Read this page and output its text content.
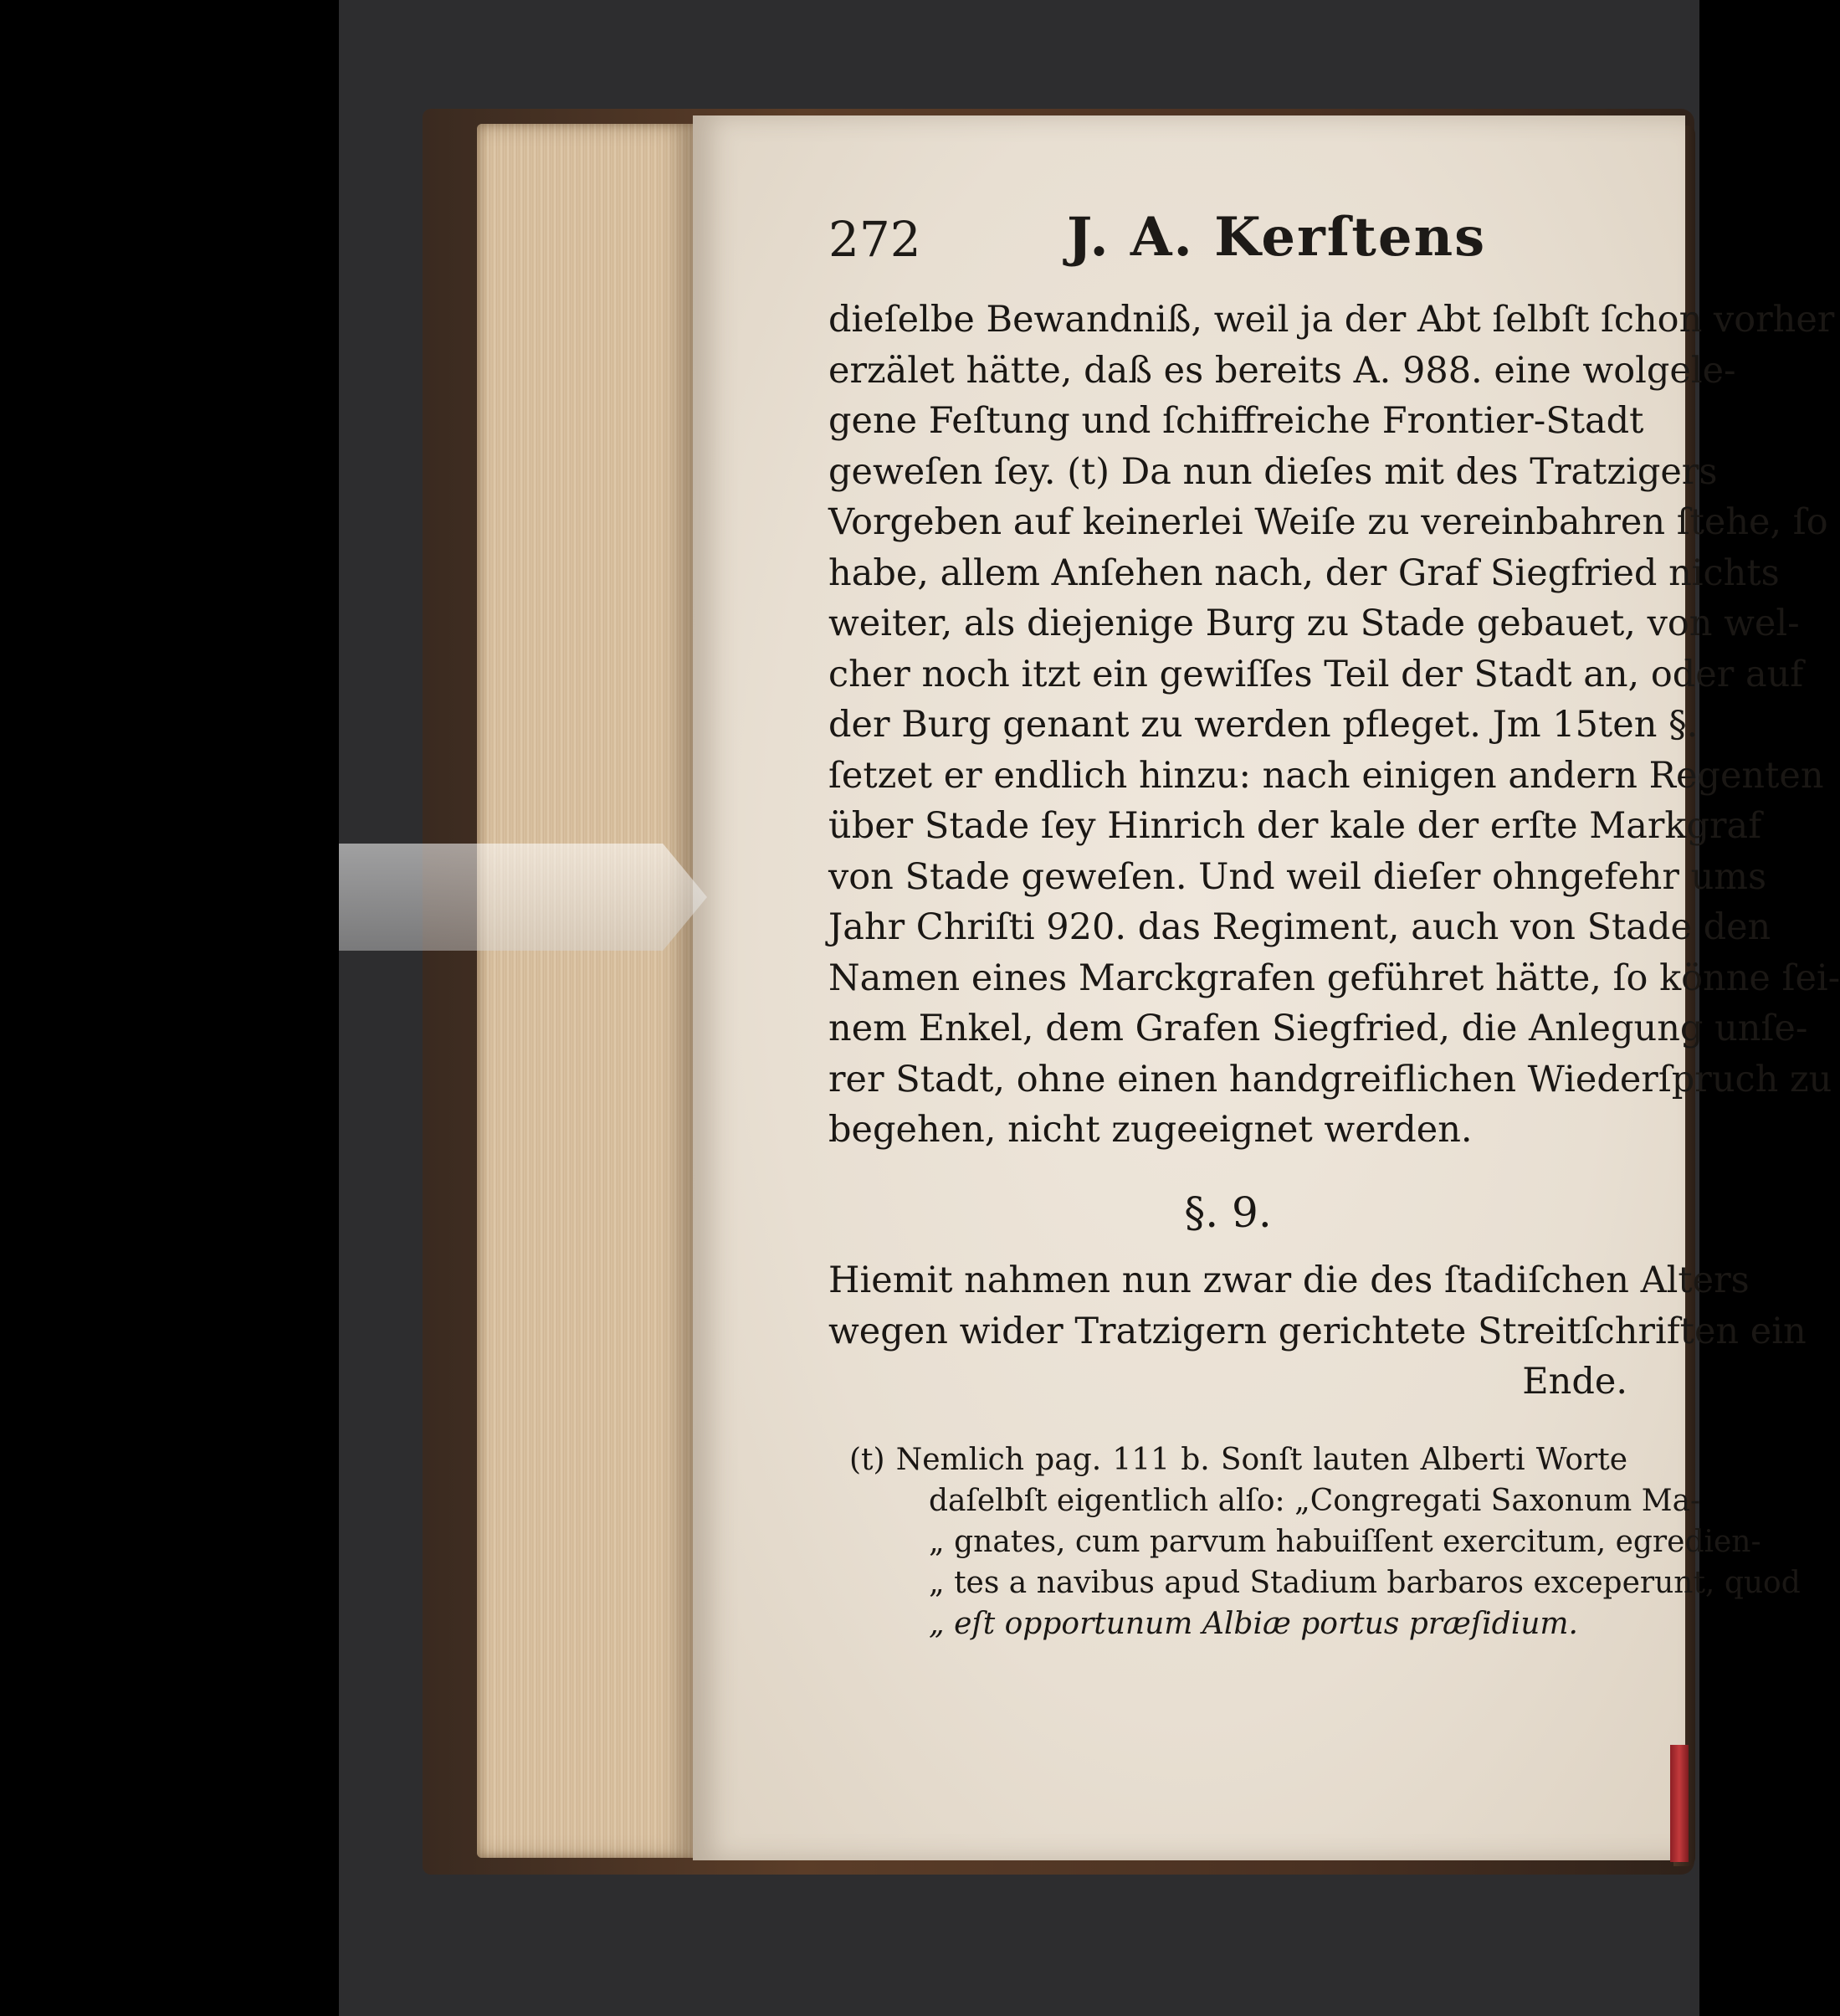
272	J. A. Kerſtens
dieſelbe Bewandniß, weil ja der Abt ſelbſt ſchon vorher
erzälet hätte, daß es bereits A. 988. eine wolgele-
gene Feſtung und ſchiffreiche Frontier-Stadt
geweſen ſey. (t) Da nun dieſes mit des Tratzigers
Vorgeben auf keinerlei Weiſe zu vereinbahren ſtehe, ſo
habe, allem Anſehen nach, der Graf Siegfried nichts
weiter, als diejenige Burg zu Stade gebauet, von wel-
cher noch itzt ein gewiſſes Teil der Stadt an, oder auf
der Burg genant zu werden pfleget. Jm 15ten §.
ſetzet er endlich hinzu: nach einigen andern Regenten
über Stade ſey Hinrich der kale der erſte Markgraf
von Stade geweſen. Und weil dieſer ohngefehr ums
Jahr Chriſti 920. das Regiment, auch von Stade den
Namen eines Marckgrafen geführet hätte, ſo könne ſei-
nem Enkel, dem Grafen Siegfried, die Anlegung unſe-
rer Stadt, ohne einen handgreiflichen Wiederſpruch zu
begehen, nicht zugeeignet werden.
§. 9.
Hiemit nahmen nun zwar die des ſtadiſchen Alters
wegen wider Tratzigern gerichtete Streitſchriften ein
Ende.
(t) Nemlich pag. 111 b. Sonſt lauten Alberti Worte
daſelbſt eigentlich alſo: „Congregati Saxonum Ma-
„ gnates, cum parvum habuiſſent exercitum, egredien-
„ tes a navibus apud Stadium barbaros exceperunt, quod
„ eſt opportunum Albiæ portus præſidium.
